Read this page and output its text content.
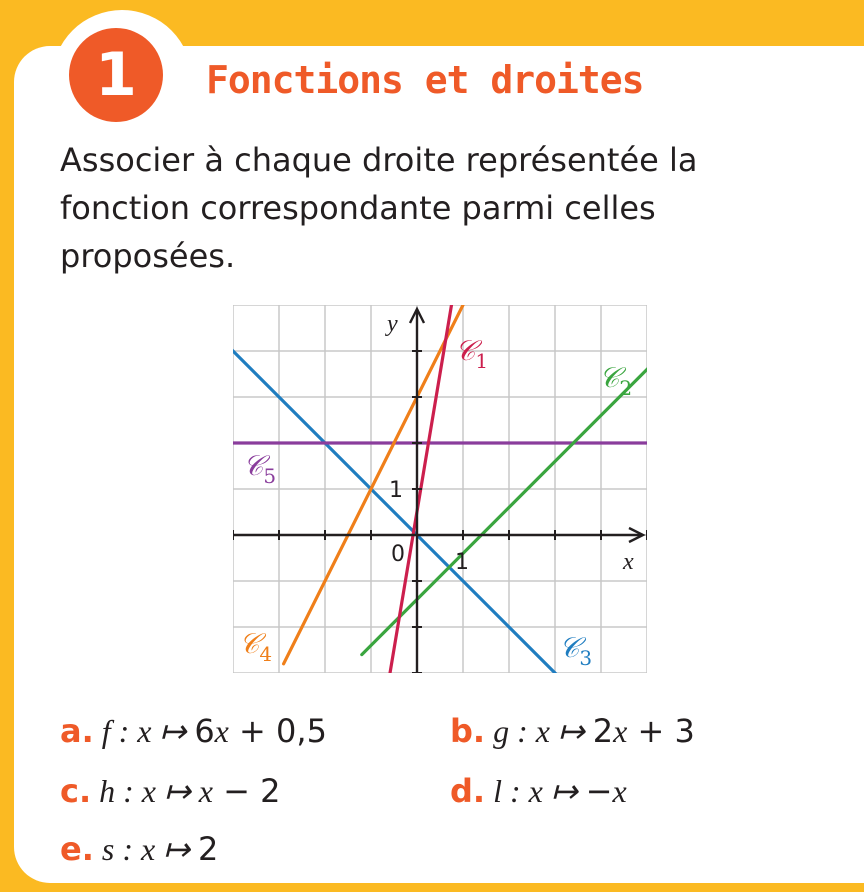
1	Fonctions et droites
Associer à chaque droite représentée la fonction correspondante parmi celles proposées.
y
x
0 1
1
𝒞$_1$	𝒞$_2$
𝒞$_3$
𝒞$_4$
𝒞$_5$
a. f : x ↦ 6x + 0,5	b. g : x ↦ 2x + 3
c. h : x ↦ x − 2	d. l : x ↦ −x
e. s : x ↦ 2
